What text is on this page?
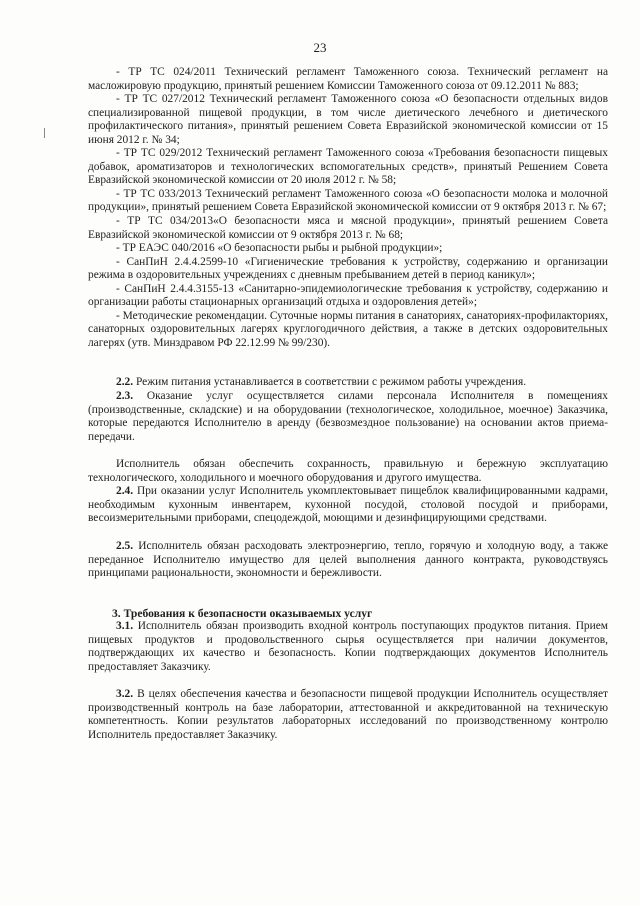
23

- ТР ТС 024/2011 Технический регламент Таможенного союза. Технический регламент на масложировую продукцию, принятый решением Комиссии Таможенного союза от 09.12.2011 № 883;

- ТР ТС 027/2012 Технический регламент Таможенного союза «О безопасности отдельных видов специализированной пищевой продукции, в том числе диетического лечебного и диетического профилактического питания», принятый решением Совета Евразийской экономической комиссии от 15 июня 2012 г. № 34;

- ТР ТС 029/2012 Технический регламент Таможенного союза «Требования безопасности пищевых добавок, ароматизаторов и технологических вспомогательных средств», принятый Решением Совета Евразийской экономической комиссии от 20 июля 2012 г. № 58;

- ТР ТС 033/2013 Технический регламент Таможенного союза «О безопасности молока и молочной продукции», принятый решением Совета Евразийской экономической комиссии от 9 октября 2013 г. № 67;

- ТР ТС 034/2013«О безопасности мяса и мясной продукции», принятый решением Совета Евразийской экономической комиссии от 9 октября 2013 г. № 68;

- ТР ЕАЭС 040/2016 «О безопасности рыбы и рыбной продукции»;

- СанПиН 2.4.4.2599-10 «Гигиенические требования к устройству, содержанию и организации режима в оздоровительных учреждениях с дневным пребыванием детей в период каникул»;

- СанПиН 2.4.4.3155-13 «Санитарно-эпидемиологические требования к устройству, содержанию и организации работы стационарных организаций отдыха и оздоровления детей»;

- Методические рекомендации. Суточные нормы питания в санаториях, санаториях-профилакториях, санаторных оздоровительных лагерях круглогодичного действия, а также в детских оздоровительных лагерях (утв. Минздравом РФ 22.12.99 № 99/230).

2.2. Режим питания устанавливается в соответствии с режимом работы учреждения.

2.3. Оказание услуг осуществляется силами персонала Исполнителя в помещениях (производственные, складские) и на оборудовании (технологическое, холодильное, моечное) Заказчика, которые передаются Исполнителю в аренду (безвозмездное пользование) на основании актов приема-передачи.

Исполнитель обязан обеспечить сохранность, правильную и бережную эксплуатацию технологического, холодильного и моечного оборудования и другого имущества.

2.4. При оказании услуг Исполнитель укомплектовывает пищеблок квалифицированными кадрами, необходимым кухонным инвентарем, кухонной посудой, столовой посудой и приборами, весоизмерительными приборами, спецодеждой, моющими и дезинфицирующими средствами.

2.5. Исполнитель обязан расходовать электроэнергию, тепло, горячую и холодную воду, а также переданное Исполнителю имущество для целей выполнения данного контракта, руководствуясь принципами рациональности, экономности и бережливости.

3. Требования к безопасности оказываемых услуг

3.1. Исполнитель обязан производить входной контроль поступающих продуктов питания. Прием пищевых продуктов и продовольственного сырья осуществляется при наличии документов, подтверждающих их качество и безопасность. Копии подтверждающих документов Исполнитель предоставляет Заказчику.

3.2. В целях обеспечения качества и безопасности пищевой продукции Исполнитель осуществляет производственный контроль на базе лаборатории, аттестованной и аккредитованной на техническую компетентность. Копии результатов лабораторных исследований по производственному контролю Исполнитель предоставляет Заказчику.
